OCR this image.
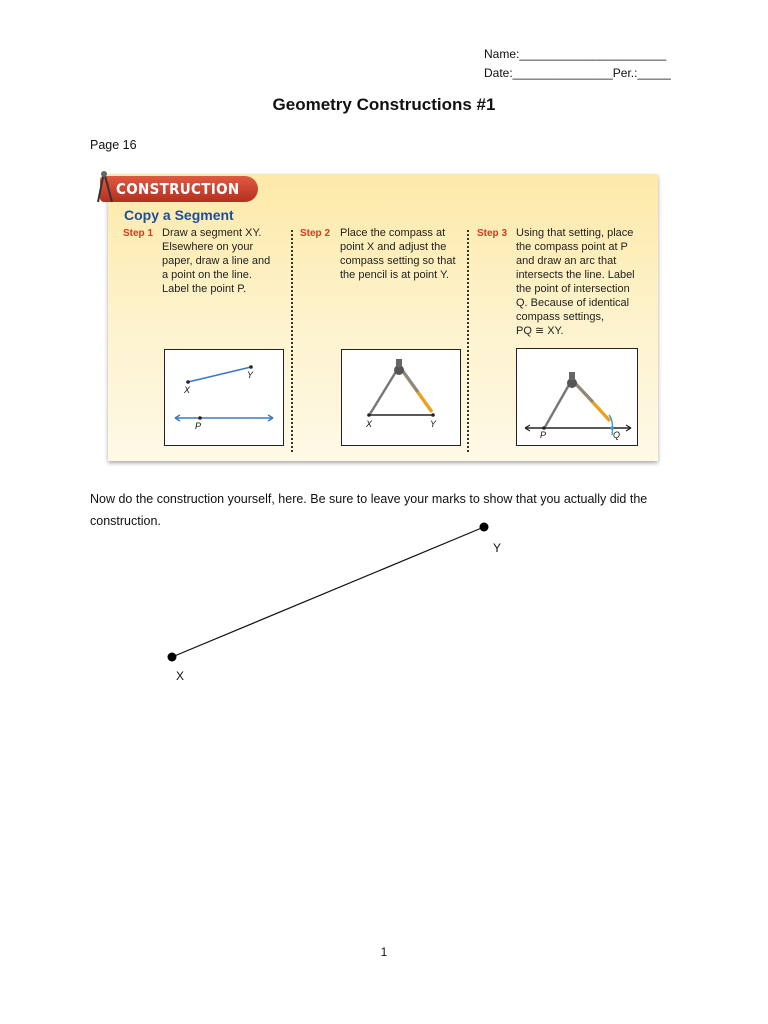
Name:______________________
Date:_______________Per.:_____
Geometry Constructions #1
Page 16
CONSTRUCTION
Copy a Segment
Step 1 Draw a segment XY.
Elsewhere on your
paper, draw a line and
a point on the line.
Label the point P.
Step 2 Place the compass at
point X and adjust the
compass setting so that
the pencil is at point Y.
Step 3 Using that setting, place
the compass point at P
and draw an arc that
intersects the line. Label
the point of intersection
Q. Because of identical
compass settings,
PQ ≅ XY.
X
Y
P	X	Y
P	Q
Now do the construction yourself, here. Be sure to leave your marks to show that you actually did the construction.
X
Y
1
